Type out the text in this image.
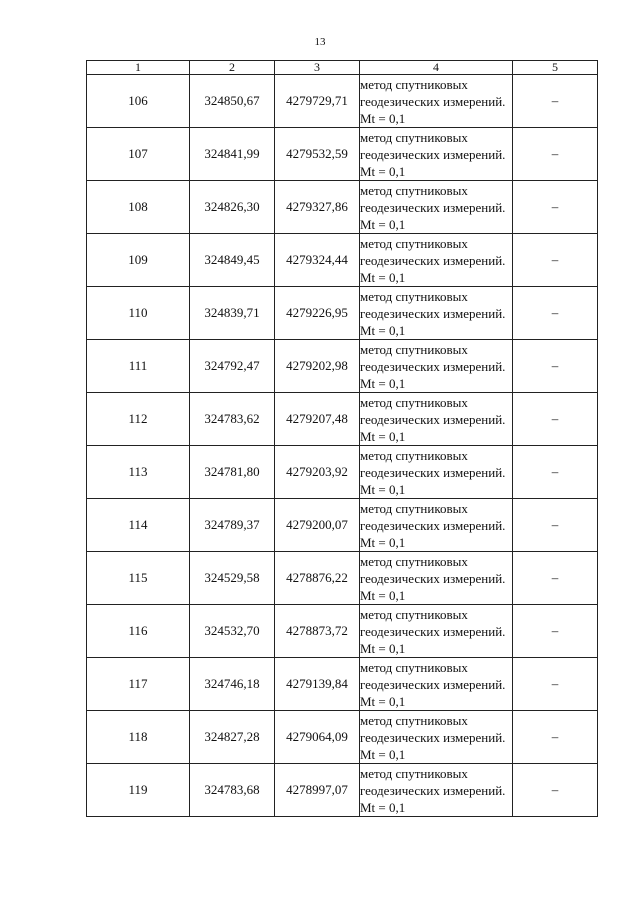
13
1	2	3	4	5
106	324850,67	4279729,71	метод спутниковых геодезических измерений. Mt = 0,1	–
107	324841,99	4279532,59	метод спутниковых геодезических измерений. Mt = 0,1	–
108	324826,30	4279327,86	метод спутниковых геодезических измерений. Mt = 0,1	–
109	324849,45	4279324,44	метод спутниковых геодезических измерений. Mt = 0,1	–
110	324839,71	4279226,95	метод спутниковых геодезических измерений. Mt = 0,1	–
111	324792,47	4279202,98	метод спутниковых геодезических измерений. Mt = 0,1	–
112	324783,62	4279207,48	метод спутниковых геодезических измерений. Mt = 0,1	–
113	324781,80	4279203,92	метод спутниковых геодезических измерений. Mt = 0,1	–
114	324789,37	4279200,07	метод спутниковых геодезических измерений. Mt = 0,1	–
115	324529,58	4278876,22	метод спутниковых геодезических измерений. Mt = 0,1	–
116	324532,70	4278873,72	метод спутниковых геодезических измерений. Mt = 0,1	–
117	324746,18	4279139,84	метод спутниковых геодезических измерений. Mt = 0,1	–
118	324827,28	4279064,09	метод спутниковых геодезических измерений. Mt = 0,1	–
119	324783,68	4278997,07	метод спутниковых геодезических измерений. Mt = 0,1	–
